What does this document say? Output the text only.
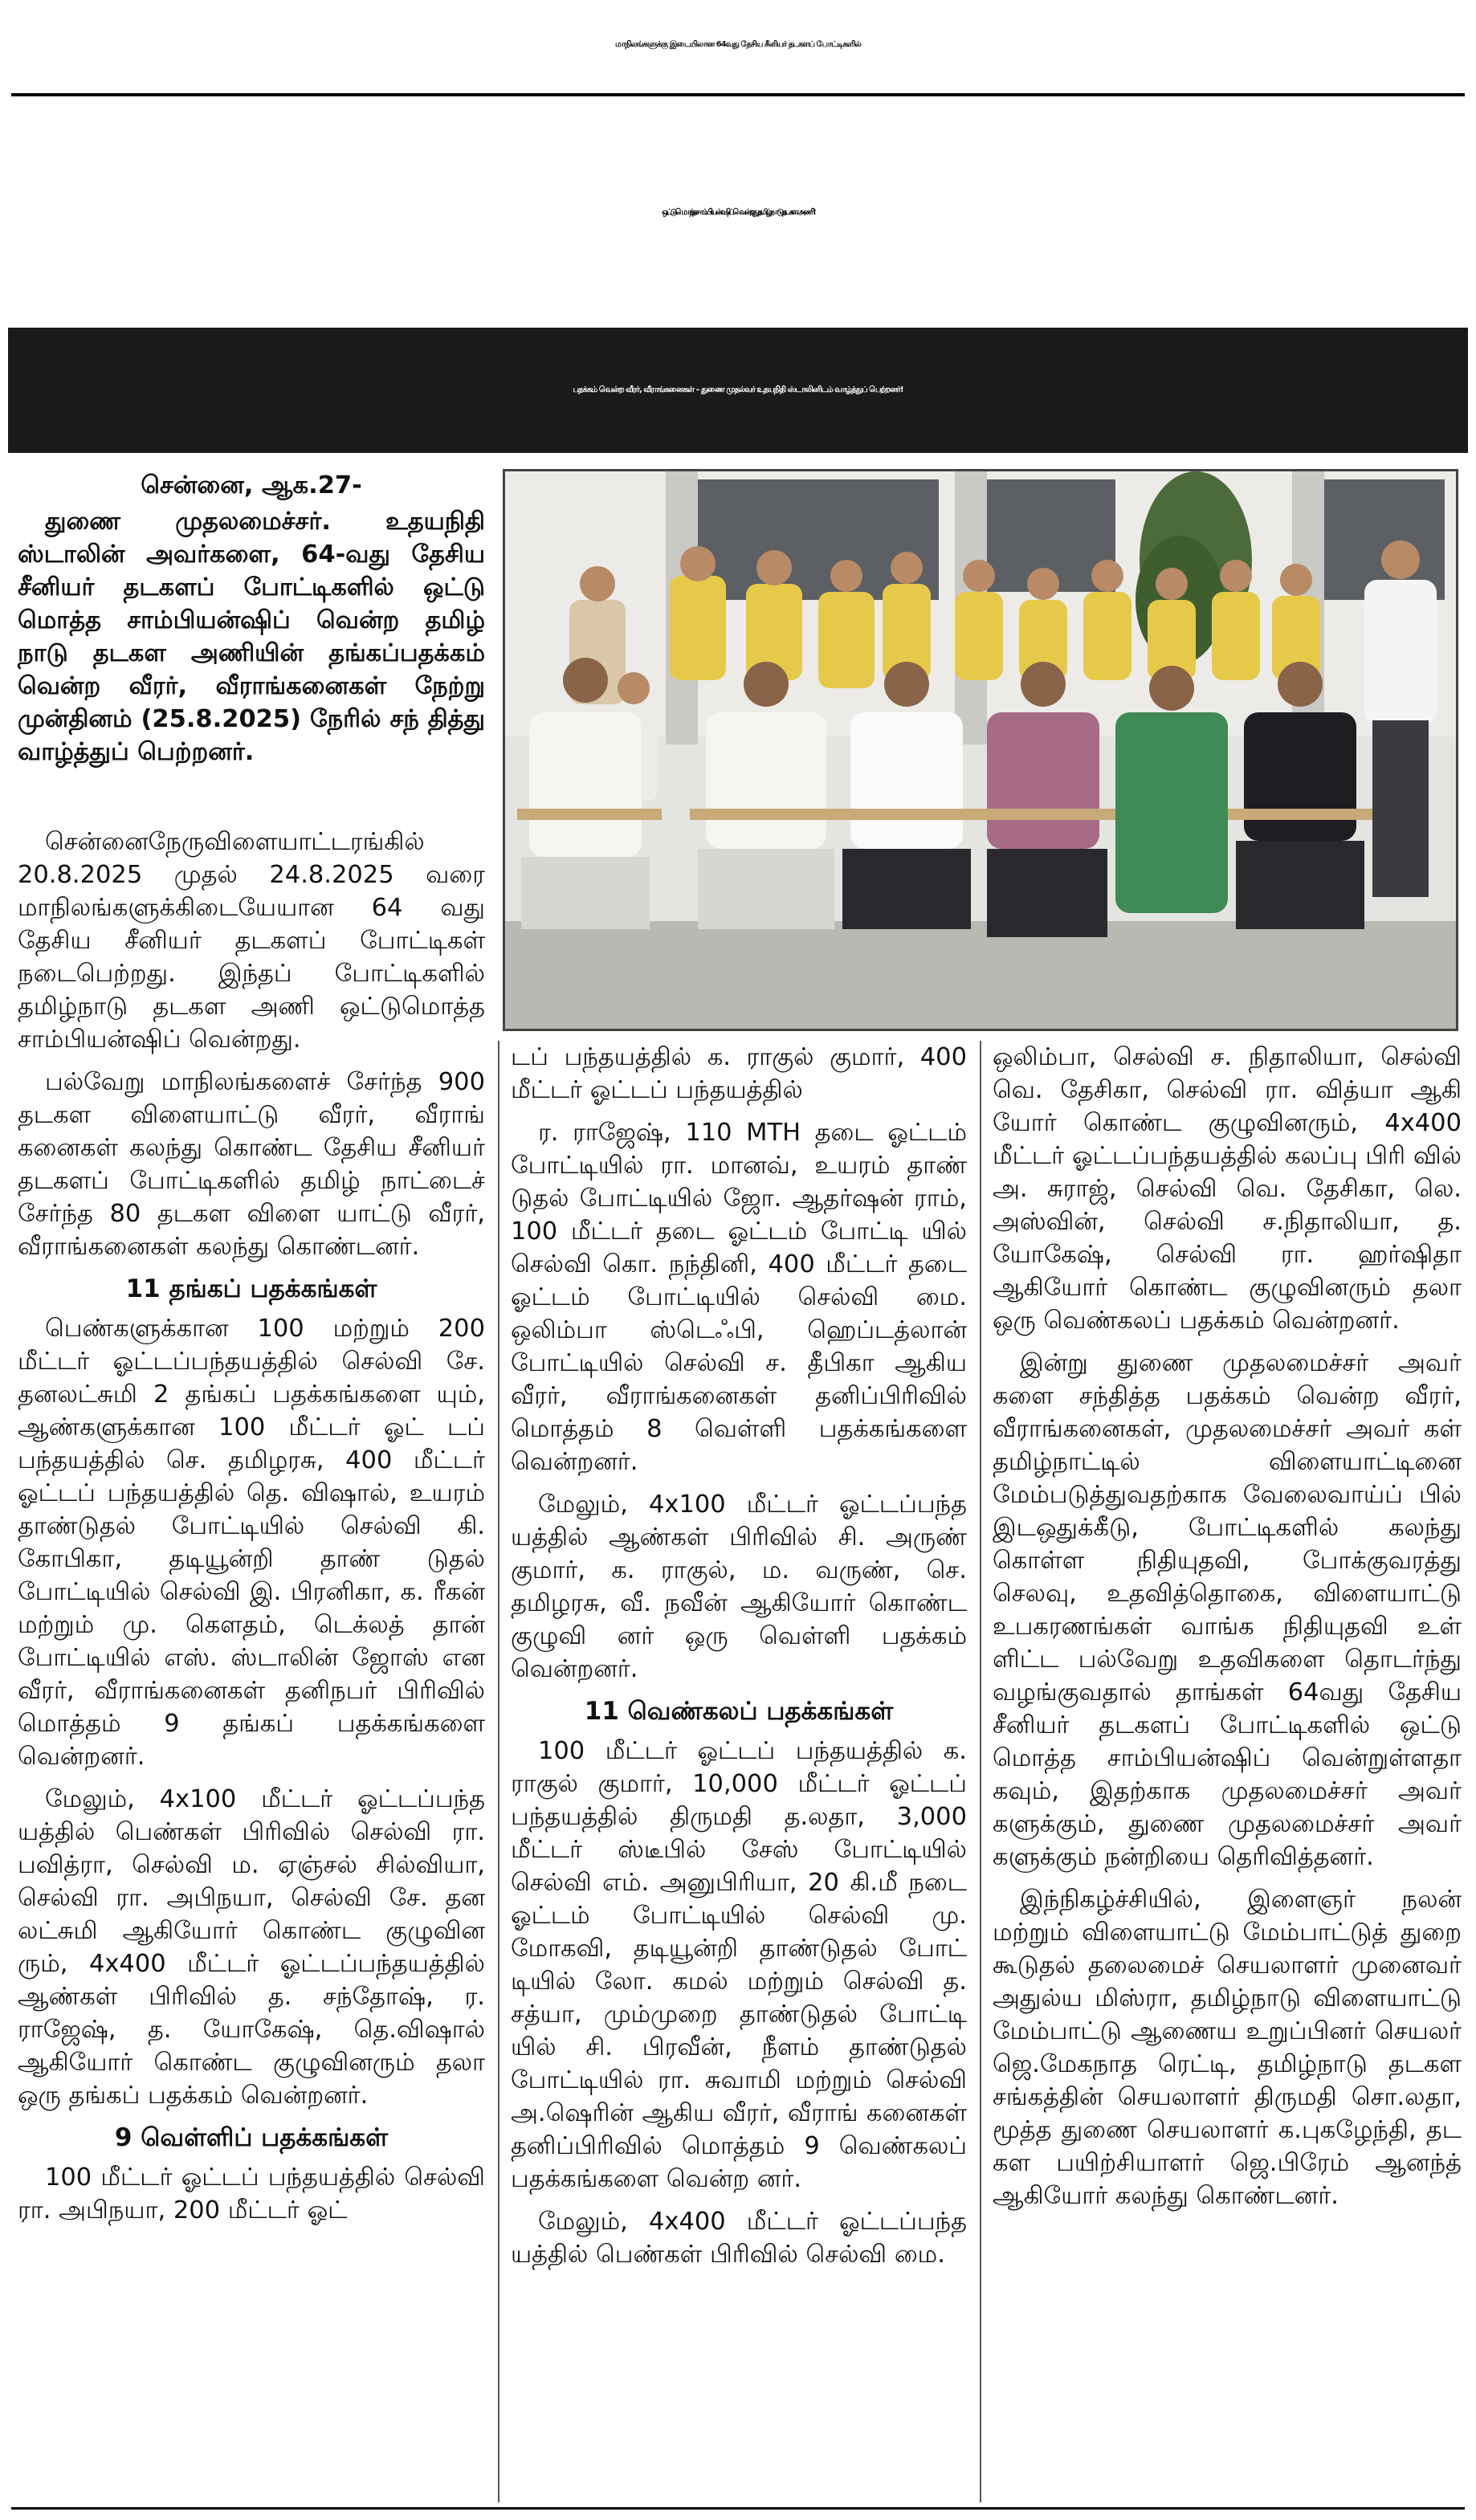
மாநிலங்களுக்கு இடையிலான 64வது தேசிய சீனியர் தடகளப் போட்டிகளில்
ஒட்டுமொத்த சாம்பியன்ஷிப் வென்றது தமிழ்நாடு தடகள அணி!
பதக்கம் வென்ற வீரர், வீராங்கனைகள் – துணை முதல்வர் உதயநிதி ஸ்டாலினிடம் வாழ்த்துப் பெற்றனர்!
சென்னை, ஆக.27-

துணை முதலமைச்சர். உதயநிதி ஸ்டாலின் அவர்களை, 64-வது தேசிய சீனியர் தடகளப் போட்டிகளில் ஒட்டு மொத்த சாம்பியன்ஷிப் வென்ற தமிழ் நாடு தடகள அணியின் தங்கப்பதக்கம் வென்ற வீரர், வீராங்கனைகள் நேற்று முன்தினம் (25.8.2025) நேரில் சந் தித்து வாழ்த்துப் பெற்றனர்.

சென்னைநேருவிளையாட்டரங்கில் 20.8.2025 முதல் 24.8.2025 வரை மாநிலங்களுக்கிடையேயான 64 வது தேசிய சீனியர் தடகளப் போட்டிகள் நடைபெற்றது. இந்தப் போட்டிகளில் தமிழ்நாடு தடகள அணி ஒட்டுமொத்த சாம்பியன்ஷிப் வென்றது.

பல்வேறு மாநிலங்களைச் சேர்ந்த 900 தடகள விளையாட்டு வீரர், வீராங் கனைகள் கலந்து கொண்ட தேசிய சீனியர் தடகளப் போட்டிகளில் தமிழ் நாட்டைச் சேர்ந்த 80 தடகள விளை யாட்டு வீரர், வீராங்கனைகள் கலந்து கொண்டனர்.

11 தங்கப் பதக்கங்கள்

பெண்களுக்கான 100 மற்றும் 200 மீட்டர் ஓட்டப்பந்தயத்தில் செல்வி சே. தனலட்சுமி 2 தங்கப் பதக்கங்களை யும், ஆண்களுக்கான 100 மீட்டர் ஓட் டப் பந்தயத்தில் செ. தமிழரசு, 400 மீட்டர் ஓட்டப் பந்தயத்தில் தெ. விஷால், உயரம் தாண்டுதல் போட்டியில் செல்வி கி. கோபிகா, தடியூன்றி தாண் டுதல் போட்டியில் செல்வி இ. பிரனிகா, க. ரீகன் மற்றும் மு. கௌதம், டெக்லத் தான் போட்டியில் எஸ். ஸ்டாலின் ஜோஸ் என வீரர், வீராங்கனைகள் தனிநபர் பிரிவில் மொத்தம் 9 தங்கப் பதக்கங்களை வென்றனர்.

மேலும், 4x100 மீட்டர் ஓட்டப்பந்த யத்தில் பெண்கள் பிரிவில் செல்வி ரா. பவித்ரா, செல்வி ம. ஏஞ்சல் சில்வியா, செல்வி ரா. அபிநயா, செல்வி சே. தன லட்சுமி ஆகியோர் கொண்ட குழுவின ரும், 4x400 மீட்டர் ஓட்டப்பந்தயத்தில் ஆண்கள் பிரிவில் த. சந்தோஷ், ர. ராஜேஷ், த. யோகேஷ், தெ.விஷால் ஆகியோர் கொண்ட குழுவினரும் தலா ஒரு தங்கப் பதக்கம் வென்றனர்.

9 வெள்ளிப் பதக்கங்கள்

100 மீட்டர் ஓட்டப் பந்தயத்தில் செல்வி ரா. அபிநயா, 200 மீட்டர் ஓட்

டப் பந்தயத்தில் க. ராகுல் குமார், 400 மீட்டர் ஓட்டப் பந்தயத்தில்

ர. ராஜேஷ், 110 MTH தடை ஓட்டம் போட்டியில் ரா. மானவ், உயரம் தாண் டுதல் போட்டியில் ஜோ. ஆதர்ஷன் ராம், 100 மீட்டர் தடை ஓட்டம் போட்டி யில் செல்வி கொ. நந்தினி, 400 மீட்டர் தடை ஓட்டம் போட்டியில் செல்வி மை. ஒலிம்பா ஸ்டெஃபி, ஹெப்டத்லான் போட்டியில் செல்வி ச. தீபிகா ஆகிய வீரர், வீராங்கனைகள் தனிப்பிரிவில் மொத்தம் 8 வெள்ளி பதக்கங்களை வென்றனர்.

மேலும், 4x100 மீட்டர் ஓட்டப்பந்த யத்தில் ஆண்கள் பிரிவில் சி. அருண் குமார், க. ராகுல், ம. வருண், செ. தமிழரசு, வீ. நவீன் ஆகியோர் கொண்ட குழுவி னர் ஒரு வெள்ளி பதக்கம் வென்றனர்.

11 வெண்கலப் பதக்கங்கள்

100 மீட்டர் ஓட்டப் பந்தயத்தில் க. ராகுல் குமார், 10,000 மீட்டர் ஓட்டப் பந்தயத்தில் திருமதி த.லதா, 3,000 மீட்டர் ஸ்டீபில் சேஸ் போட்டியில் செல்வி எம். அனுபிரியா, 20 கி.மீ நடை ஓட்டம் போட்டியில் செல்வி மு. மோகவி, தடியூன்றி தாண்டுதல் போட் டியில் லோ. கமல் மற்றும் செல்வி த. சத்யா, மும்முறை தாண்டுதல் போட்டி யில் சி. பிரவீன், நீளம் தாண்டுதல் போட்டியில் ரா. சுவாமி மற்றும் செல்வி அ.ஷெரின் ஆகிய வீரர், வீராங் கனைகள் தனிப்பிரிவில் மொத்தம் 9 வெண்கலப் பதக்கங்களை வென்ற னர்.

மேலும், 4x400 மீட்டர் ஓட்டப்பந்த யத்தில் பெண்கள் பிரிவில் செல்வி மை.

ஒலிம்பா, செல்வி ச. நிதாலியா, செல்வி வெ. தேசிகா, செல்வி ரா. வித்யா ஆகி யோர் கொண்ட குழுவினரும், 4x400 மீட்டர் ஓட்டப்பந்தயத்தில் கலப்பு பிரி வில் அ. சுராஜ், செல்வி வெ. தேசிகா, லெ. அஸ்வின், செல்வி ச.நிதாலியா, த. யோகேஷ், செல்வி ரா. ஹர்ஷிதா ஆகியோர் கொண்ட குழுவினரும் தலா ஒரு வெண்கலப் பதக்கம் வென்றனர்.

இன்று துணை முதலமைச்சர் அவர் களை சந்தித்த பதக்கம் வென்ற வீரர், வீராங்கனைகள், முதலமைச்சர் அவர் கள் தமிழ்நாட்டில் விளையாட்டினை மேம்படுத்துவதற்காக வேலைவாய்ப் பில் இடஒதுக்கீடு, போட்டிகளில் கலந்து கொள்ள நிதியுதவி, போக்குவரத்து செலவு, உதவித்தொகை, விளையாட்டு உபகரணங்கள் வாங்க நிதியுதவி உள் ளிட்ட பல்வேறு உதவிகளை தொடர்ந்து வழங்குவதால் தாங்கள் 64வது தேசிய சீனியர் தடகளப் போட்டிகளில் ஒட்டு மொத்த சாம்பியன்ஷிப் வென்றுள்ளதா கவும், இதற்காக முதலமைச்சர் அவர் களுக்கும், துணை முதலமைச்சர் அவர் களுக்கும் நன்றியை தெரிவித்தனர்.

இந்நிகழ்ச்சியில், இளைஞர் நலன் மற்றும் விளையாட்டு மேம்பாட்டுத் துறை கூடுதல் தலைமைச் செயலாளர் முனைவர் அதுல்ய மிஸ்ரா, தமிழ்நாடு விளையாட்டு மேம்பாட்டு ஆணைய உறுப்பினர் செயலர் ஜெ.மேகநாத ரெட்டி, தமிழ்நாடு தடகள சங்கத்தின் செயலாளர் திருமதி சொ.லதா, மூத்த துணை செயலாளர் க.புகழேந்தி, தட கள பயிற்சியாளர் ஜெ.பிரேம் ஆனந்த் ஆகியோர் கலந்து கொண்டனர்.
